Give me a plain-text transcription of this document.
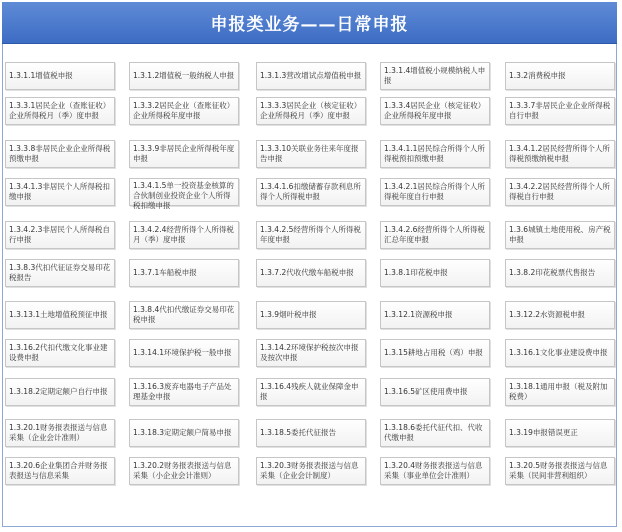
申报类业务——日常申报
1.3.1.1增值税申报	1.3.1.2增值税一般纳税人申报	1.3.1.3营改增试点增值税申报
1.3.1.4增值税小规模纳税人申报
1.3.2消费税申报
1.3.3.1居民企业（查账征收）企业所得税月（季）度申报
1.3.3.2居民企业（查账征收）企业所得税年度申报
1.3.3.3居民企业（核定征收）企业所得税月（季）度申报
1.3.3.4居民企业（核定征收）企业所得税年度申报
1.3.3.7非居民企业企业所得税自行申报
1.3.3.8非居民企业企业所得税预缴申报
1.3.3.9非居民企业所得税年度申报
1.3.3.10关联业务往来年度报告申报
1.3.4.1.1居民综合所得个人所得税预扣预缴申报
1.3.4.1.2居民经营所得个人所得税预缴纳税申报
1.3.4.1.3非居民个人所得税扣缴申报
1.3.4.1.5单一投资基金核算的合伙制创业投资企业个人所得税扣缴申报
1.3.4.1.6扣缴储蓄存款利息所得个人所得税申报
1.3.4.2.1居民综合所得个人所得税年度自行申报
1.3.4.2.2居民经营所得个人所得税自行申报
1.3.4.2.3非居民个人所得税自行申报
1.3.4.2.4经营所得个人所得税月（季）度申报
1.3.4.2.5经营所得个人所得税年度申报
1.3.4.2.6经营所得个人所得税汇总年度申报
1.3.6城镇土地使用税、房产税申报
1.3.8.3代扣代征证券交易印花税报告
1.3.7.1车船税申报	1.3.7.2代收代缴车船税申报	1.3.8.1印花税申报	1.3.8.2印花税票代售报告
1.3.13.1土地增值税预征申报
1.3.8.4代扣代缴证券交易印花税申报
1.3.9烟叶税申报	1.3.12.1资源税申报	1.3.12.2水资源税申报
1.3.16.2代扣代缴文化事业建设费申报
1.3.14.1环境保护税一般申报
1.3.14.2环境保护税按次申报及按次申报
1.3.15耕地占用税（鸡）申报	1.3.16.1文化事业建设费申报
1.3.18.2定期定额户自行申报
1.3.16.3废弃电器电子产品处理基金申报
1.3.16.4残疾人就业保障金申报
1.3.16.5矿区使用费申报
1.3.18.1通用申报（税及附加税费）
1.3.20.1财务报表报送与信息采集（企业会计准则）
1.3.18.3定期定额户简易申报	1.3.18.5委托代征报告
1.3.18.6委托代征代扣、代收代缴申报
1.3.19申报错误更正
1.3.20.6企业集团合并财务报表报送与信息采集
1.3.20.2财务报表报送与信息采集（小企业会计准则）
1.3.20.3财务报表报送与信息采集（企业会计制度）
1.3.20.4财务报表报送与信息采集（事业单位会计准则）
1.3.20.5财务报表报送与信息采集（民间非营利组织）
